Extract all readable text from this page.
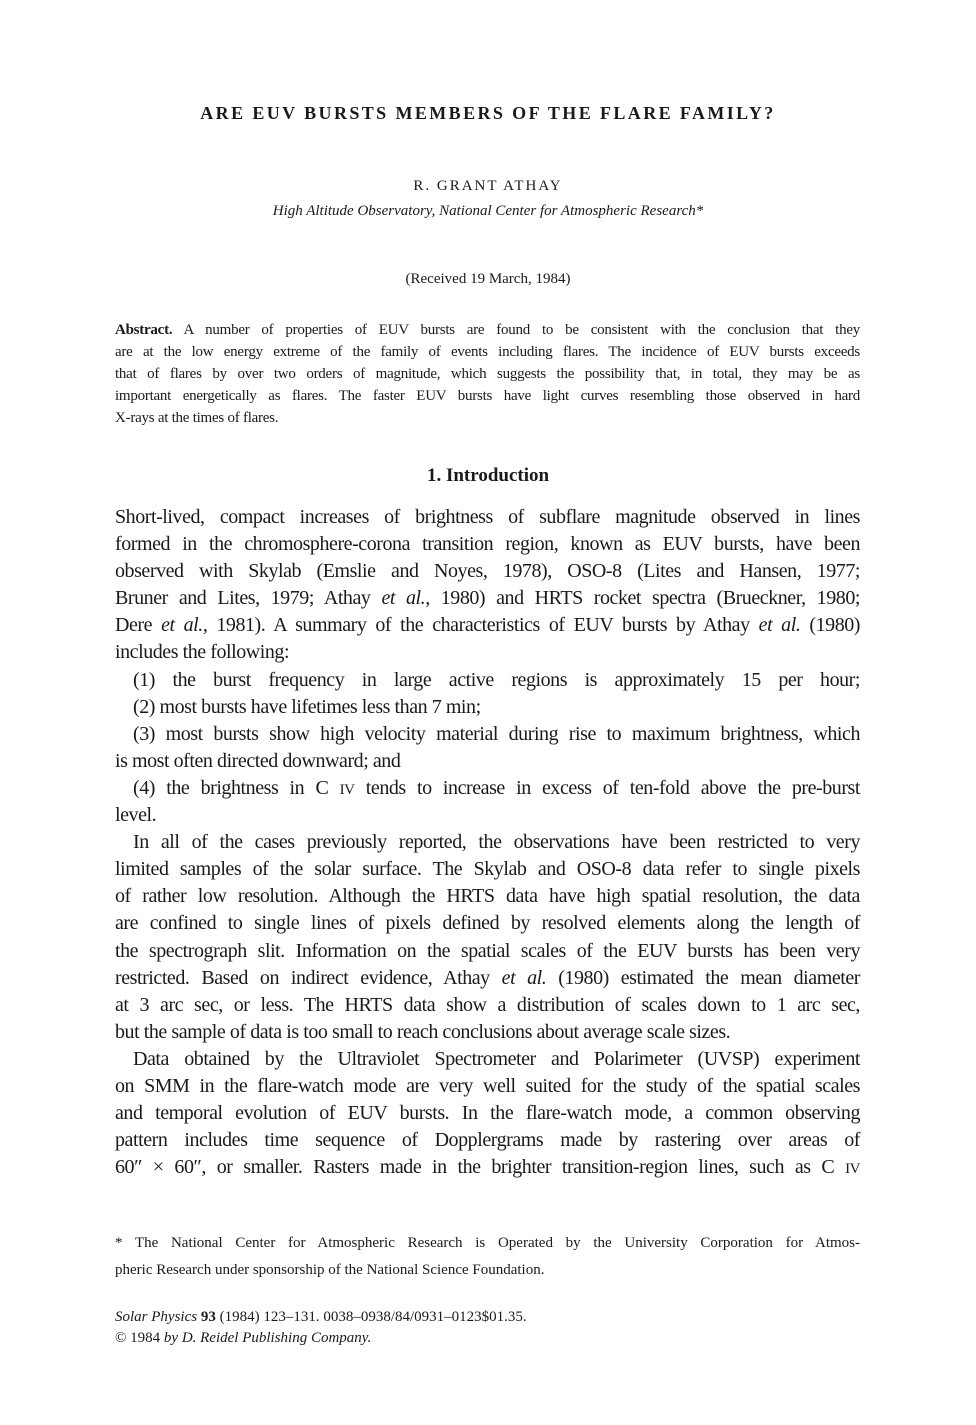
ARE EUV BURSTS MEMBERS OF THE FLARE FAMILY?
R. GRANT ATHAY
High Altitude Observatory, National Center for Atmospheric Research*
(Received 19 March, 1984)
Abstract. A number of properties of EUV bursts are found to be consistent with the conclusion that they
are at the low energy extreme of the family of events including flares. The incidence of EUV bursts exceeds
that of flares by over two orders of magnitude, which suggests the possibility that, in total, they may be as
important energetically as flares. The faster EUV bursts have light curves resembling those observed in hard
X-rays at the times of flares.
1. Introduction
Short-lived, compact increases of brightness of subflare magnitude observed in lines
formed in the chromosphere-corona transition region, known as EUV bursts, have been
observed with Skylab (Emslie and Noyes, 1978), OSO-8 (Lites and Hansen, 1977;
Bruner and Lites, 1979; Athay et al., 1980) and HRTS rocket spectra (Brueckner, 1980;
Dere et al., 1981). A summary of the characteristics of EUV bursts by Athay et al. (1980)
includes the following:
(1) the burst frequency in large active regions is approximately 15 per hour;
(2) most bursts have lifetimes less than 7 min;
(3) most bursts show high velocity material during rise to maximum brightness, which
is most often directed downward; and
(4) the brightness in C IV tends to increase in excess of ten-fold above the pre-burst
level.
In all of the cases previously reported, the observations have been restricted to very
limited samples of the solar surface. The Skylab and OSO-8 data refer to single pixels
of rather low resolution. Although the HRTS data have high spatial resolution, the data
are confined to single lines of pixels defined by resolved elements along the length of
the spectrograph slit. Information on the spatial scales of the EUV bursts has been very
restricted. Based on indirect evidence, Athay et al. (1980) estimated the mean diameter
at 3 arc sec, or less. The HRTS data show a distribution of scales down to 1 arc sec,
but the sample of data is too small to reach conclusions about average scale sizes.
Data obtained by the Ultraviolet Spectrometer and Polarimeter (UVSP) experiment
on SMM in the flare-watch mode are very well suited for the study of the spatial scales
and temporal evolution of EUV bursts. In the flare-watch mode, a common observing
pattern includes time sequence of Dopplergrams made by rastering over areas of
60″ × 60″, or smaller. Rasters made in the brighter transition-region lines, such as C IV
* The National Center for Atmospheric Research is Operated by the University Corporation for Atmos-
pheric Research under sponsorship of the National Science Foundation.
Solar Physics 93 (1984) 123–131. 0038–0938/84/0931–0123$01.35.
© 1984 by D. Reidel Publishing Company.
